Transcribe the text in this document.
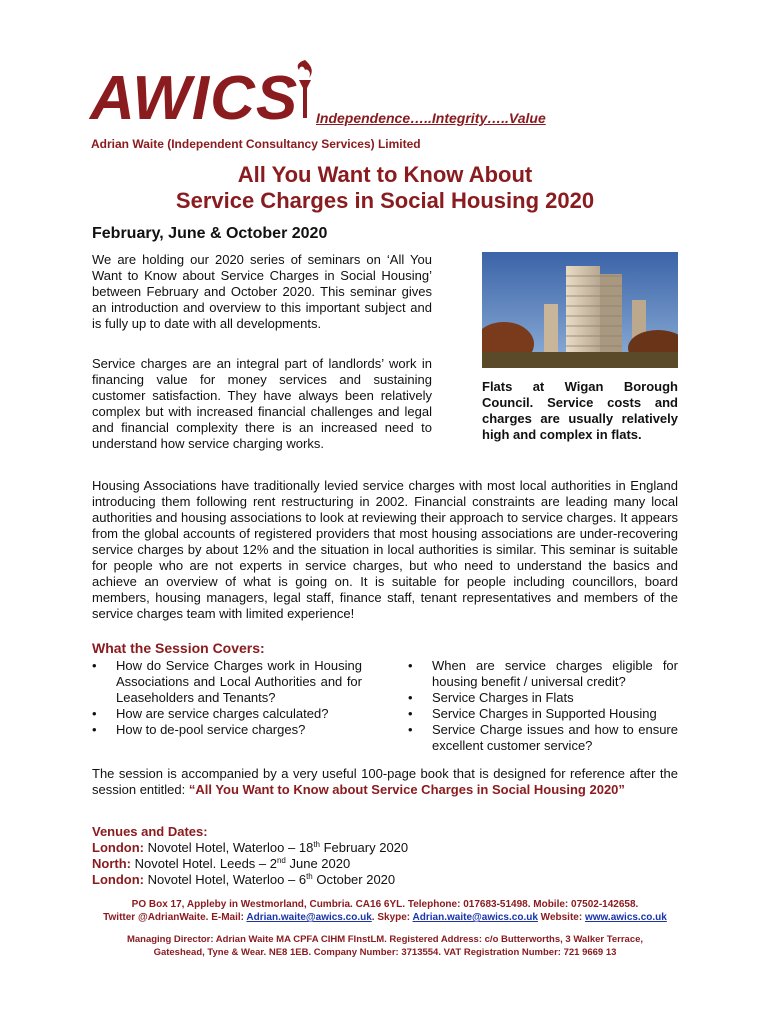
AWICS Independence…..Integrity…..Value
Adrian Waite (Independent Consultancy Services) Limited
All You Want to Know About
Service Charges in Social Housing 2020
February, June & October 2020
We are holding our 2020 series of seminars on ‘All You Want to Know about Service Charges in Social Housing’ between February and October 2020. This seminar gives an introduction and overview to this important subject and is fully up to date with all developments.
Service charges are an integral part of landlords’ work in financing value for money services and sustaining customer satisfaction. They have always been relatively complex but with increased financial challenges and legal and financial complexity there is an increased need to understand how service charging works.
Flats at Wigan Borough Council. Service costs and charges are usually relatively high and complex in flats.
Housing Associations have traditionally levied service charges with most local authorities in England introducing them following rent restructuring in 2002. Financial constraints are leading many local authorities and housing associations to look at reviewing their approach to service charges. It appears from the global accounts of registered providers that most housing associations are under-recovering service charges by about 12% and the situation in local authorities is similar. This seminar is suitable for people who are not experts in service charges, but who need to understand the basics and achieve an overview of what is going on. It is suitable for people including councillors, board members, housing managers, legal staff, finance staff, tenant representatives and members of the service charges team with limited experience!
What the Session Covers:
• How do Service Charges work in Housing Associations and Local Authorities and for Leaseholders and Tenants?
• How are service charges calculated?
• How to de-pool service charges?
• When are service charges eligible for housing benefit / universal credit?
• Service Charges in Flats
• Service Charges in Supported Housing
• Service Charge issues and how to ensure excellent customer service?
The session is accompanied by a very useful 100-page book that is designed for reference after the session entitled: “All You Want to Know about Service Charges in Social Housing 2020”
Venues and Dates:
London: Novotel Hotel, Waterloo – 18th February 2020
North: Novotel Hotel. Leeds – 2nd June 2020
London: Novotel Hotel, Waterloo – 6th October 2020
PO Box 17, Appleby in Westmorland, Cumbria. CA16 6YL. Telephone: 017683-51498. Mobile: 07502-142658.
Twitter @AdrianWaite. E-Mail: Adrian.waite@awics.co.uk. Skype: Adrian.waite@awics.co.uk Website: www.awics.co.uk
Managing Director: Adrian Waite MA CPFA CIHM FInstLM. Registered Address: c/o Butterworths, 3 Walker Terrace,
Gateshead, Tyne & Wear. NE8 1EB. Company Number: 3713554. VAT Registration Number: 721 9669 13
